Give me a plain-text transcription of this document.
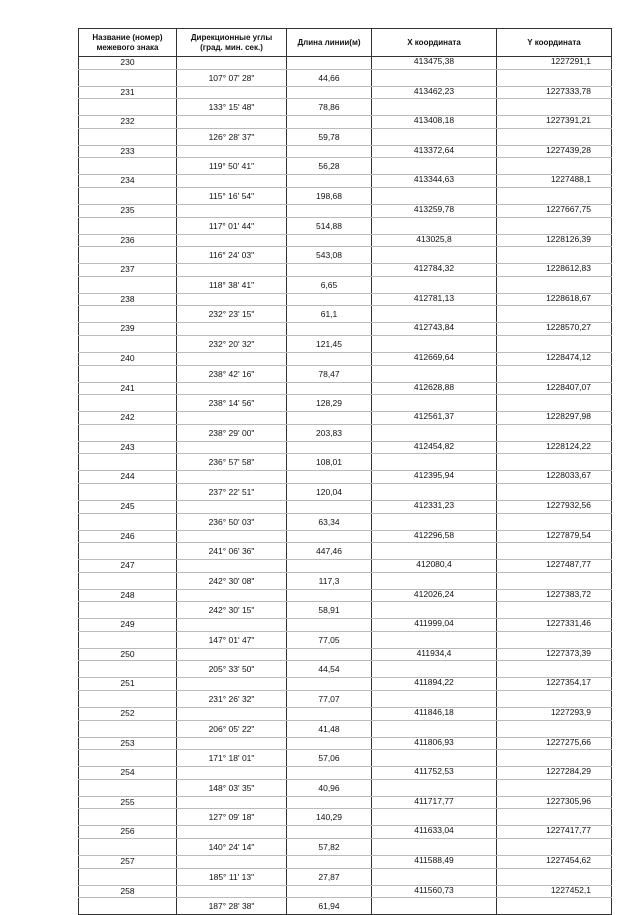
Название (номер) межевого знака	Дирекционные углы (град. мин. сек.)	Длина линии(м)	X координата	Y координата
230			413475,38	1227291,1
	107° 07' 28"	44,66		
231			413462,23	1227333,78
	133° 15' 48"	78,86		
232			413408,18	1227391,21
	126° 28' 37"	59,78		
233			413372,64	1227439,28
	119° 50' 41"	56,28		
234			413344,63	1227488,1
	115° 16' 54"	198,68		
235			413259,78	1227667,75
	117° 01' 44"	514,88		
236			413025,8	1228126,39
	116° 24' 03"	543,08		
237			412784,32	1228612,83
	118° 38' 41"	6,65		
238			412781,13	1228618,67
	232° 23' 15"	61,1		
239			412743,84	1228570,27
	232° 20' 32"	121,45		
240			412669,64	1228474,12
	238° 42' 16"	78,47		
241			412628,88	1228407,07
	238° 14' 56"	128,29		
242			412561,37	1228297,98
	238° 29' 00"	203,83		
243			412454,82	1228124,22
	236° 57' 58"	108,01		
244			412395,94	1228033,67
	237° 22' 51"	120,04		
245			412331,23	1227932,56
	236° 50' 03"	63,34		
246			412296,58	1227879,54
	241° 06' 36"	447,46		
247			412080,4	1227487,77
	242° 30' 08"	117,3		
248			412026,24	1227383,72
	242° 30' 15"	58,91		
249			411999,04	1227331,46
	147° 01' 47"	77,05		
250			411934,4	1227373,39
	205° 33' 50"	44,54		
251			411894,22	1227354,17
	231° 26' 32"	77,07		
252			411846,18	1227293,9
	206° 05' 22"	41,48		
253			411806,93	1227275,66
	171° 18' 01"	57,06		
254			411752,53	1227284,29
	148° 03' 35"	40,96		
255			411717,77	1227305,96
	127° 09' 18"	140,29		
256			411633,04	1227417,77
	140° 24' 14"	57,82		
257			411588,49	1227454,62
	185° 11' 13"	27,87		
258			411560,73	1227452,1
	187° 28' 38"	61,94		
